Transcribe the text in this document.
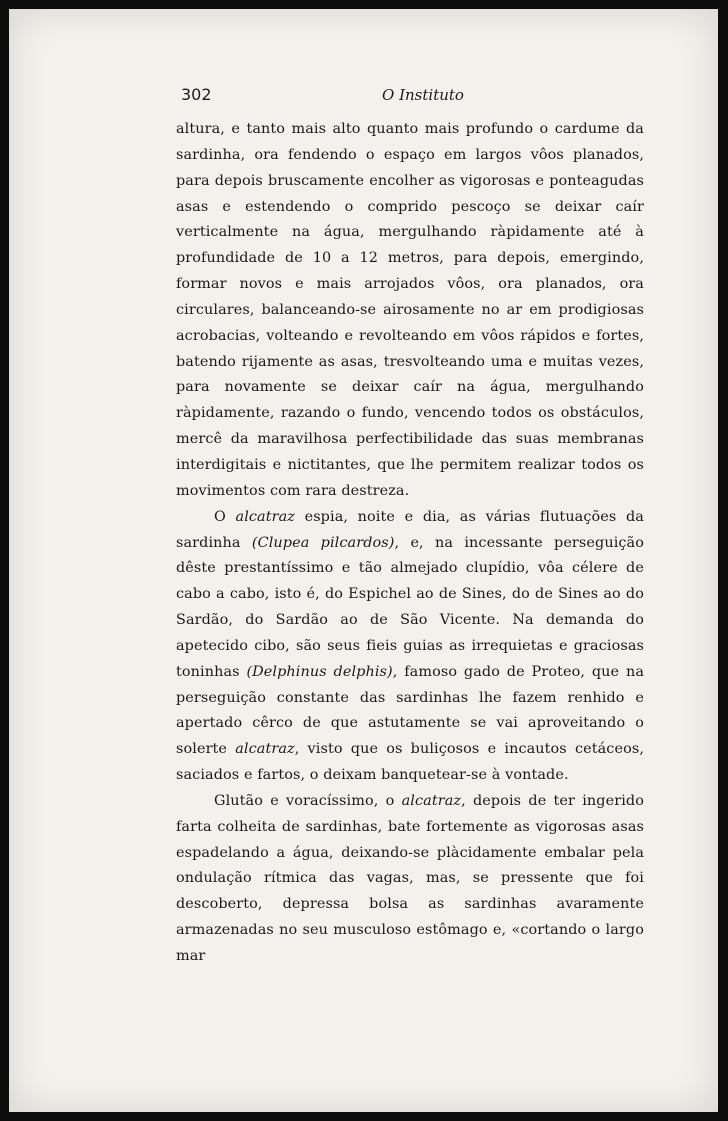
302	O Instituto

altura, e tanto mais alto quanto mais profundo o cardume da sardinha, ora fendendo o espaço em largos vôos planados, para depois bruscamente encolher as vigorosas e ponteagudas asas e estendendo o comprido pescoço se deixar caír verticalmente na água, mergulhando ràpidamente até à profundidade de 10 a 12 metros, para depois, emergindo, formar novos e mais arrojados vôos, ora planados, ora circulares, balanceando-se airosamente no ar em prodigiosas acrobacias, volteando e revolteando em vôos rápidos e fortes, batendo rijamente as asas, tresvolteando uma e muitas vezes, para novamente se deixar caír na água, mergulhando ràpidamente, razando o fundo, vencendo todos os obstáculos, mercê da maravilhosa perfectibilidade das suas membranas interdigitais e nictitantes, que lhe permitem realizar todos os movimentos com rara destreza.

O alcatraz espia, noite e dia, as várias flutuações da sardinha (Clupea pilcardos), e, na incessante perseguição dêste prestantíssimo e tão almejado clupídio, vôa célere de cabo a cabo, isto é, do Espichel ao de Sines, do de Sines ao do Sardão, do Sardão ao de São Vicente. Na demanda do apetecido cibo, são seus fieis guias as irrequietas e graciosas toninhas (Delphinus delphis), famoso gado de Proteo, que na perseguição constante das sardinhas lhe fazem renhido e apertado cêrco de que astutamente se vai aproveitando o solerte alcatraz, visto que os buliçosos e incautos cetáceos, saciados e fartos, o deixam banquetear-se à vontade.

Glutão e voracíssimo, o alcatraz, depois de ter ingerido farta colheita de sardinhas, bate fortemente as vigorosas asas espadelando a água, deixando-se plàcidamente embalar pela ondulação rítmica das vagas, mas, se pressente que foi descoberto, depressa bolsa as sardinhas avaramente armazenadas no seu musculoso estômago e, «cortando o largo mar
